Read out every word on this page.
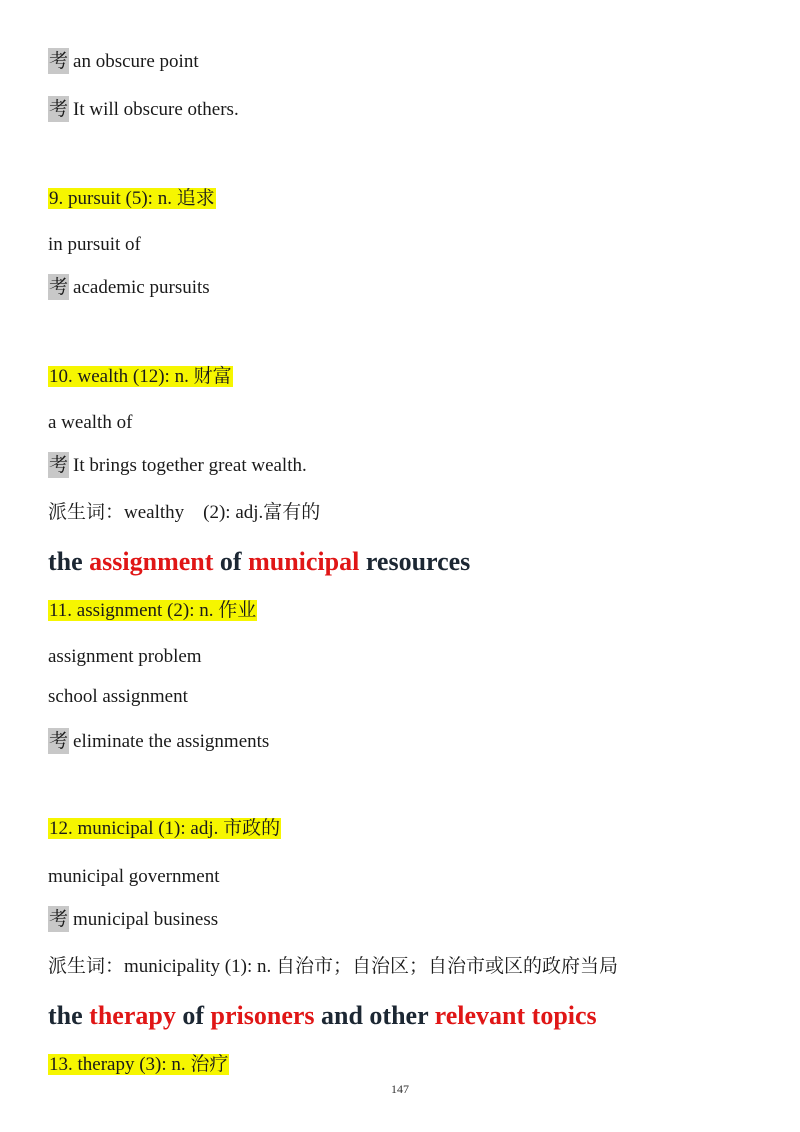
考 an obscure point
考 It will obscure others.
9. pursuit (5): n. 追求
in pursuit of
考 academic pursuits
10. wealth (12): n. 财富
a wealth of
考 It brings together great wealth.
派生词：wealthy　(2): adj.富有的
the assignment of municipal resources
11. assignment (2): n. 作业
assignment problem
school assignment
考 eliminate the assignments
12. municipal (1): adj. 市政的
municipal government
考 municipal business
派生词：municipality (1): n. 自治市；自治区；自治市或区的政府当局
the therapy of prisoners and other relevant topics
13. therapy (3): n. 治疗
147
